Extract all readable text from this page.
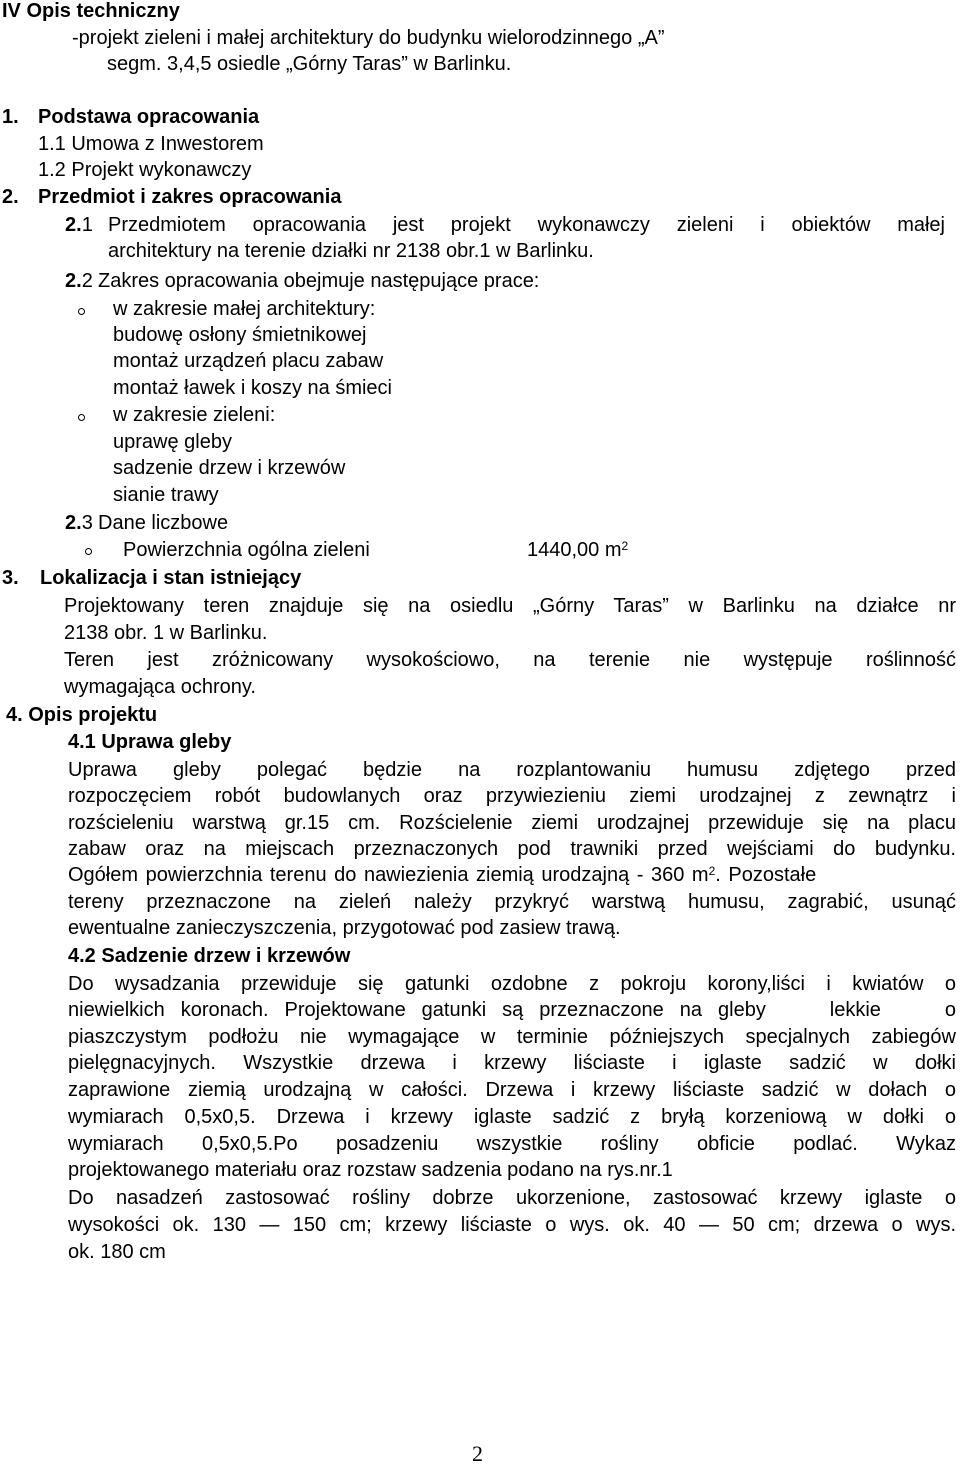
IV Opis techniczny
-projekt zieleni i małej architektury do budynku wielorodzinnego „A”
segm. 3,4,5 osiedle „Górny Taras” w Barlinku.
1. Podstawa opracowania
1.1 Umowa z Inwestorem
1.2 Projekt wykonawczy
2. Przedmiot i zakres opracowania
2.1 Przedmiotem opracowania jest projekt wykonawczy zieleni i obiektów małej
architektury na terenie działki nr 2138 obr.1 w Barlinku.
2.2 Zakres opracowania obejmuje następujące prace:
w zakresie małej architektury:
budowę osłony śmietnikowej
montaż urządzeń placu zabaw
montaż ławek i koszy na śmieci
w zakresie zieleni:
uprawę gleby
sadzenie drzew i krzewów
sianie trawy
2.3 Dane liczbowe
Powierzchnia ogólna zieleni	1440,00 $m^2$
3. Lokalizacja i stan istniejący
Projektowany teren znajduje się na osiedlu „Górny Taras” w Barlinku na działce nr
2138 obr. 1 w Barlinku.
Teren jest zróżnicowany wysokościowo, na terenie nie występuje roślinność
wymagająca ochrony.
4. Opis projektu
4.1 Uprawa gleby
Uprawa gleby polegać będzie na rozplantowaniu humusu zdjętego przed
rozpoczęciem robót budowlanych oraz przywiezieniu ziemi urodzajnej z zewnątrz i
rozścieleniu warstwą gr.15 cm. Rozścielenie ziemi urodzajnej przewiduje się na placu
zabaw oraz na miejscach przeznaczonych pod trawniki przed wejściami do budynku.
Ogółem powierzchnia terenu do nawiezienia ziemią urodzajną - 360 $m^2$. Pozostałe
tereny przeznaczone na zieleń należy przykryć warstwą humusu, zagrabić, usunąć
ewentualne zanieczyszczenia, przygotować pod zasiew trawą.
4.2 Sadzenie drzew i krzewów
Do wysadzania przewiduje się gatunki ozdobne z pokroju korony,liści i kwiatów o
niewielkich koronach. Projektowane gatunki są przeznaczone na gleby    lekkie    o
piaszczystym podłożu nie wymagające w terminie późniejszych specjalnych zabiegów
pielęgnacyjnych. Wszystkie drzewa i krzewy liściaste i iglaste sadzić w dołki
zaprawione ziemią urodzajną w całości. Drzewa i krzewy liściaste sadzić w dołach o
wymiarach 0,5x0,5. Drzewa i krzewy iglaste sadzić z bryłą korzeniową w dołki o
wymiarach 0,5x0,5.Po posadzeniu wszystkie rośliny obficie podlać. Wykaz
projektowanego materiału oraz rozstaw sadzenia podano na rys.nr.1
Do nasadzeń zastosować rośliny dobrze ukorzenione, zastosować krzewy iglaste o
wysokości ok. 130 — 150 cm; krzewy liściaste o wys. ok. 40 — 50 cm; drzewa o wys.
ok. 180 cm
2
